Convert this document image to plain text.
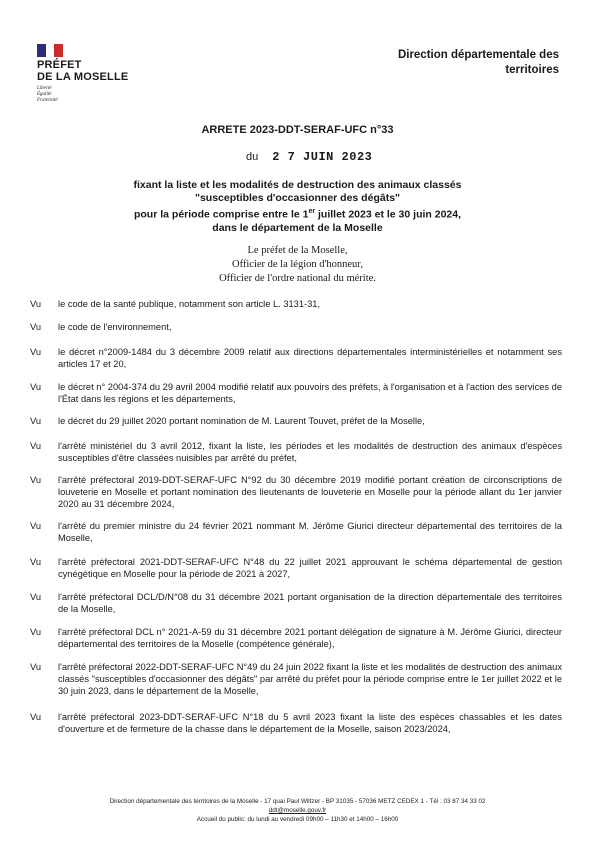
PRÉFET
DE LA MOSELLE
Liberté
Égalité
Fraternité
Direction départementale des
territoires
ARRETE 2023-DDT-SERAF-UFC n°33
du 2 7 JUIN 2023
fixant la liste et les modalités de destruction des animaux classés
"susceptibles d'occasionner des dégâts"
pour la période comprise entre le 1er juillet 2023 et le 30 juin 2024,
dans le département de la Moselle
Le préfet de la Moselle,
Officier de la légion d'honneur,
Officier de l'ordre national du mérite.
Vu	le code de la santé publique, notamment son article L. 3131-31,
Vu	le code de l'environnement,
Vu	le décret n°2009-1484 du 3 décembre 2009 relatif aux directions départementales interministérielles et notamment ses articles 17 et 20,
Vu	le décret n° 2004-374 du 29 avril 2004 modifié relatif aux pouvoirs des préfets, à l'organisation et à l'action des services de l'État dans les régions et les départements,
Vu	le décret du 29 juillet 2020 portant nomination de M. Laurent Touvet, préfet de la Moselle,
Vu	l'arrêté ministériel du 3 avril 2012, fixant la liste, les périodes et les modalités de destruction des animaux d'espèces susceptibles d'être classées nuisibles par arrêté du préfet,
Vu	l'arrêté préfectoral 2019-DDT-SERAF-UFC N°92 du 30 décembre 2019 modifié portant création de circonscriptions de louveterie en Moselle et portant nomination des lieutenants de louveterie en Moselle pour la période allant du 1er janvier 2020 au 31 décembre 2024,
Vu	l'arrêté du premier ministre du 24 février 2021 nommant M. Jérôme Giurici directeur départemental des territoires de la Moselle,
Vu	l'arrêté préfectoral 2021-DDT-SERAF-UFC N°48 du 22 juillet 2021 approuvant le schéma départemental de gestion cynégétique en Moselle pour la période de 2021 à 2027,
Vu	l'arrêté préfectoral DCL/D/N°08 du 31 décembre 2021 portant organisation de la direction départementale des territoires de la Moselle,
Vu	l'arrêté préfectoral DCL n° 2021-A-59 du 31 décembre 2021 portant délégation de signature à M. Jérôme Giurici, directeur départemental des territoires de la Moselle (compétence générale),
Vu	l'arrêté préfectoral 2022-DDT-SERAF-UFC N°49 du 24 juin 2022 fixant la liste et les modalités de destruction des animaux classés "susceptibles d'occasionner des dégâts" par arrêté du préfet pour la période comprise entre le 1er juillet 2022 et le 30 juin 2023, dans le département de la Moselle,
Vu	l'arrêté préfectoral 2023-DDT-SERAF-UFC N°18 du 5 avril 2023 fixant la liste des espèces chassables et les dates d'ouverture et de fermeture de la chasse dans le département de la Moselle, saison 2023/2024,
Direction départementale des territoires de la Moselle - 17 quai Paul Wiltzer - BP 31035 - 57036 METZ CEDEX 1 - Tél : 03 87 34 33 02
ddt@moselle.gouv.fr
Accueil du public: du lundi au vendredi 09h00 – 11h30 et 14h00 – 16h00
